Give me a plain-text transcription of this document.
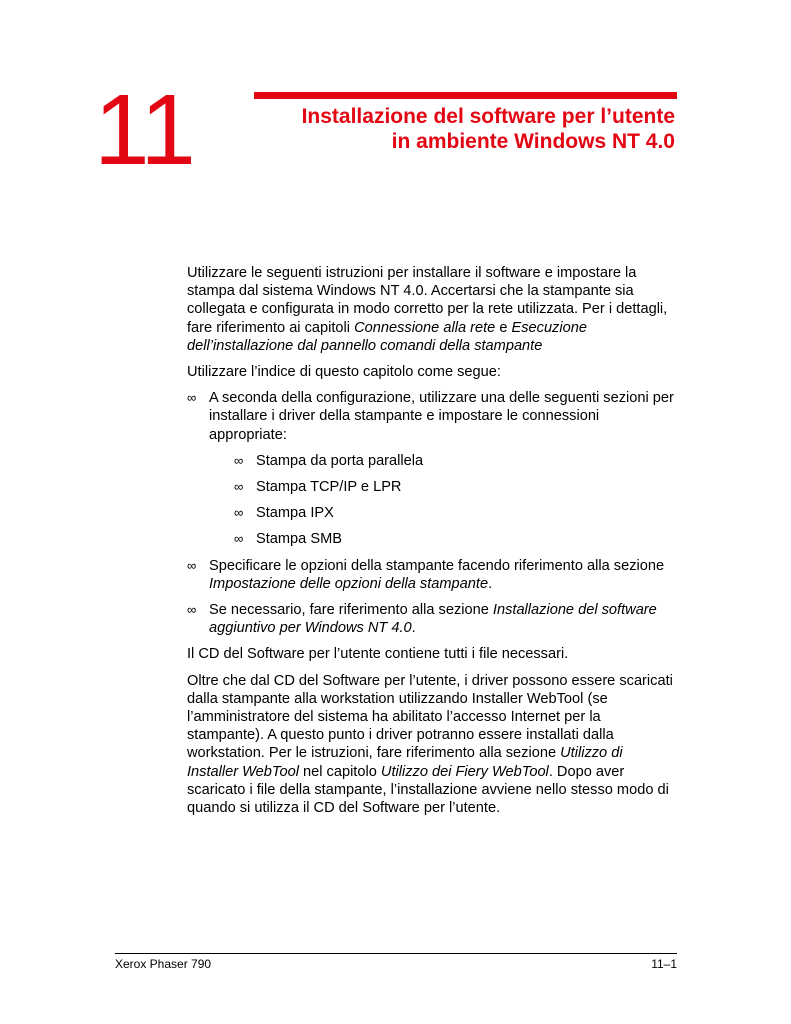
11	Installazione del software per l’utente
in ambiente Windows NT 4.0

Utilizzare le seguenti istruzioni per installare il software e impostare la stampa dal sistema Windows NT 4.0. Accertarsi che la stampante sia collegata e configurata in modo corretto per la rete utilizzata. Per i dettagli, fare riferimento ai capitoli Connessione alla rete e Esecuzione dell’installazione dal pannello comandi della stampante

Utilizzare l’indice di questo capitolo come segue:

∞ A seconda della configurazione, utilizzare una delle seguenti sezioni per installare i driver della stampante e impostare le connessioni appropriate:
∞ Stampa da porta parallela
∞ Stampa TCP/IP e LPR
∞ Stampa IPX
∞ Stampa SMB
∞ Specificare le opzioni della stampante facendo riferimento alla sezione Impostazione delle opzioni della stampante.
∞ Se necessario, fare riferimento alla sezione Installazione del software aggiuntivo per Windows NT 4.0.

Il CD del Software per l’utente contiene tutti i file necessari.

Oltre che dal CD del Software per l’utente, i driver possono essere scaricati dalla stampante alla workstation utilizzando Installer WebTool (se l’amministratore del sistema ha abilitato l’accesso Internet per la stampante). A questo punto i driver potranno essere installati dalla workstation. Per le istruzioni, fare riferimento alla sezione Utilizzo di Installer WebTool nel capitolo Utilizzo dei Fiery WebTool. Dopo aver scaricato i file della stampante, l’installazione avviene nello stesso modo di quando si utilizza il CD del Software per l’utente.

Xerox Phaser 790	11–1
